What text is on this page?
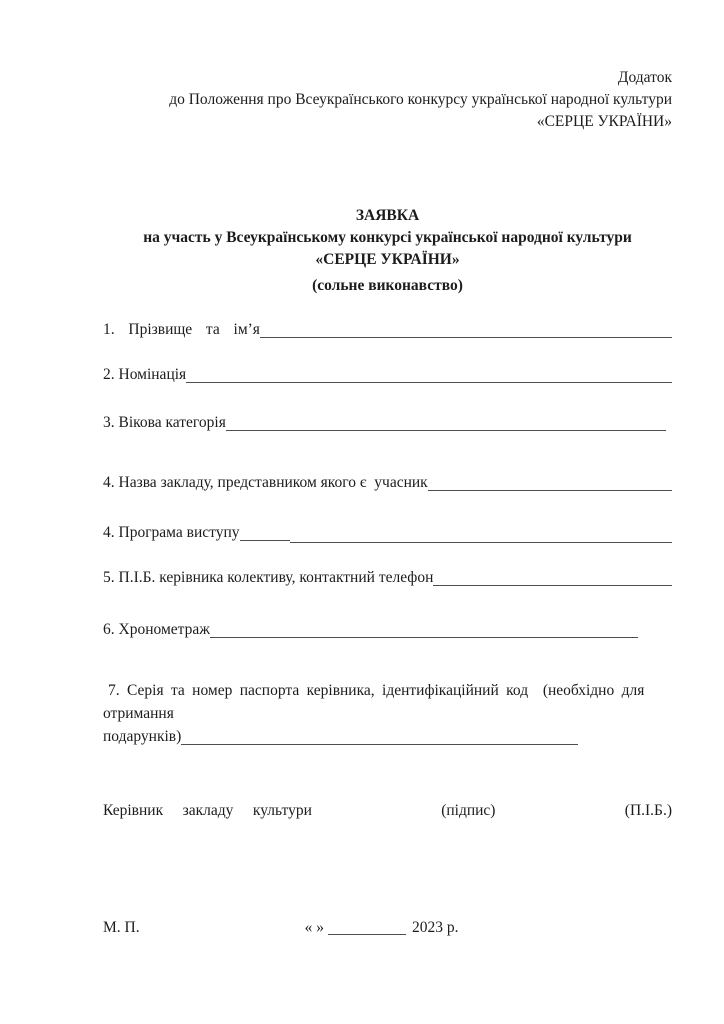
Додаток
до Положення про Всеукраїнського конкурсу української народної культури
«СЕРЦЕ УКРАЇНИ»
ЗАЯВКА
на участь у Всеукраїнському конкурсі української народної культури
«СЕРЦЕ УКРАЇНИ»
(сольне виконавство)
1.  Прізвище  та  ім’я
2. Номінація
3. Вікова категорія
4. Назва закладу, представником якого є  учасник
4. Програма виступу
5. П.І.Б. керівника колективу, контактний телефон
6. Хронометраж
7. Серія та номер паспорта керівника, ідентифікаційний код  (необхідно для
отримання
подарунків)
Керівник    закладу    культури	(підпис)	(П.І.Б.)
М. П.	« »	2023 р.
